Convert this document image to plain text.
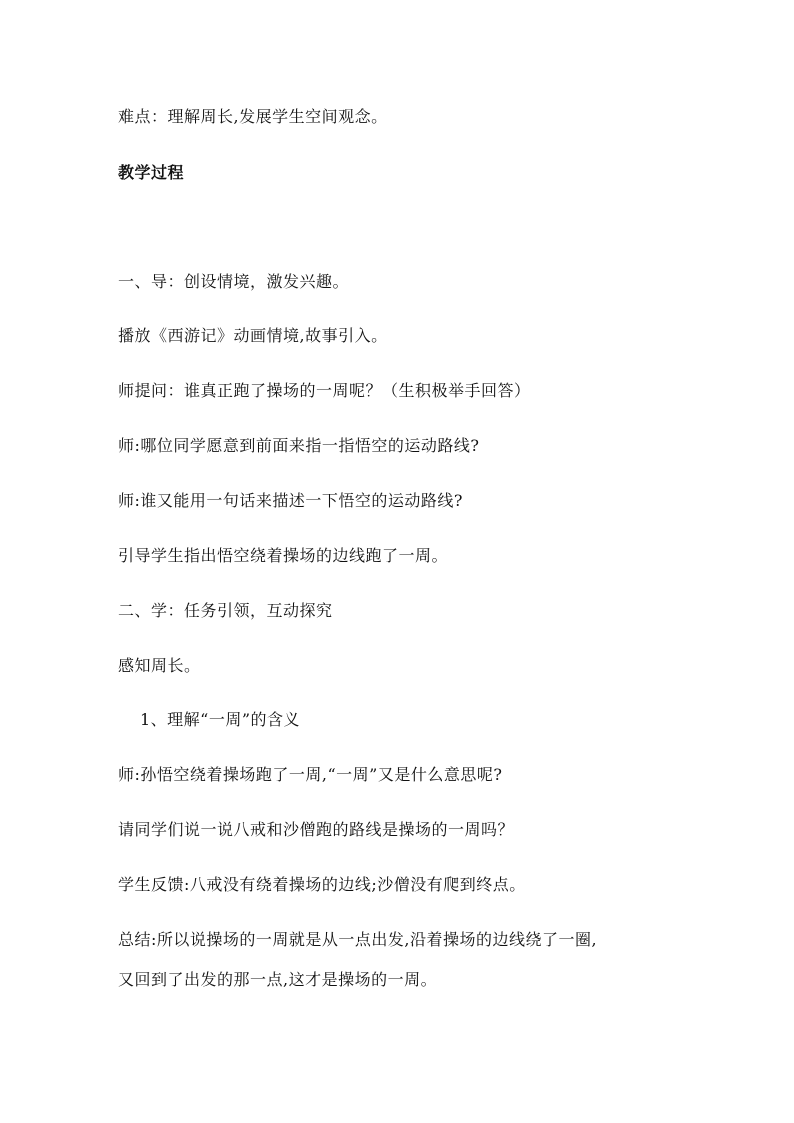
难点：理解周长,发展学生空间观念。
教学过程
一、导：创设情境，激发兴趣。
播放《西游记》动画情境,故事引入。
师提问：谁真正跑了操场的一周呢？（生积极举手回答）
师:哪位同学愿意到前面来指一指悟空的运动路线?
师:谁又能用一句话来描述一下悟空的运动路线?
引导学生指出悟空绕着操场的边线跑了一周。
二、学：任务引领，互动探究
感知周长。
1、理解“一周”的含义
师:孙悟空绕着操场跑了一周,“一周”又是什么意思呢?
请同学们说一说八戒和沙僧跑的路线是操场的一周吗？
学生反馈:八戒没有绕着操场的边线;沙僧没有爬到终点。
总结:所以说操场的一周就是从一点出发,沿着操场的边线绕了一圈,
又回到了出发的那一点,这才是操场的一周。
